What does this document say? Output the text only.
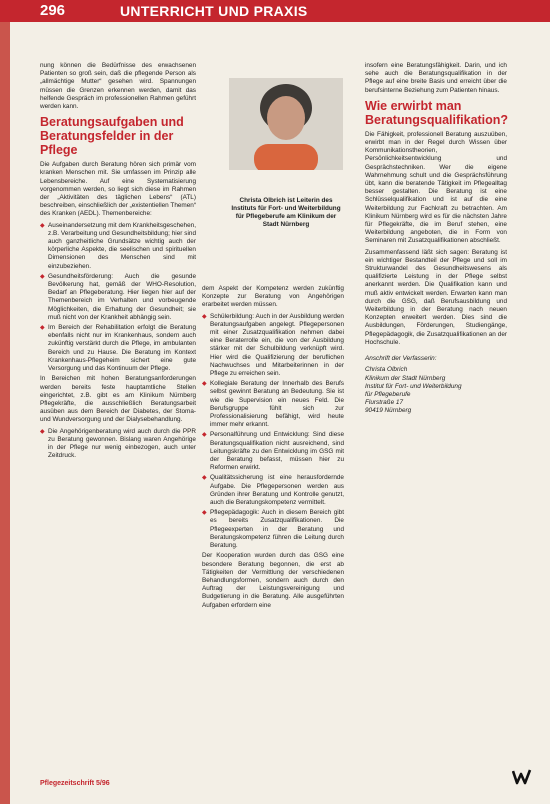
296	UNTERRICHT UND PRAXIS

nung können die Bedürfnisse des erwachsenen Patienten so groß sein, daß die pflegende Person als „allmächtige Mutter“ gesehen wird. Spannungen müssen die Grenzen erkennen werden, damit das helfende Gespräch im professionellen Rahmen geführt werden kann.

Beratungsaufgaben und Beratungsfelder in der Pflege

Die Aufgaben durch Beratung hören sich primär vom kranken Menschen mit. Sie umfassen im Prinzip alle Lebensbereiche. Auf eine Systematisierung vorgenommen werden, so liegt sich diese im Rahmen der „Aktivitäten des täglichen Lebens“ (ATL) beschreiben, einschließlich der „existentiellen Themen“ des Kranken (AEDL). Themenbereiche:

◆ Auseinandersetzung mit dem Krankheitsgeschehen, z.B. Verarbeitung und Gesundheitsbildung; hier sind auch ganzheitliche Grundsätze wichtig auch der körperliche Aspekte, die seelischen und spirituellen Dimensionen des Menschen sind mit einzubeziehen.
◆ Gesundheitsförderung: Auch die gesunde Bevölkerung hat, gemäß der WHO-Resolution, Bedarf an Pflegeberatung. Hier liegen hier auf der Themenbereich im Verhalten und vorbeugende Möglichkeiten, die Erhaltung der Gesundheit; sie muß nicht von der Krankheit abhängig sein.
◆ Im Bereich der Rehabilitation erfolgt die Beratung ebenfalls nicht nur im Krankenhaus, sondern auch zukünftig verstärkt durch die Pflege, im ambulanten Bereich und zu Hause. Die Beratung im Kontext Krankenhaus-Pflegeheim sichert eine gute Versorgung und das Kontinuum der Pflege.

In Bereichen mit hohen Beratungsanforderungen werden bereits feste hauptamtliche Stellen eingerichtet, z.B. gibt es am Klinikum Nürnberg Pflegekräfte, die ausschließlich Beratungsarbeit ausüben aus dem Bereich der Diabetes, der Stoma- und Wundversorgung und der Dialysebehandlung.

◆ Die Angehörigenberatung wird auch durch die PPR zu Beratung gewonnen. Bislang waren Angehörige in der Pflege nur wenig einbezogen, auch unter Zeitdruck.
Christa Olbrich ist Leiterin des Instituts für Fort- und Weiterbildung für Pflegeberufe am Klinikum der Stadt Nürnberg

dem Aspekt der Kompetenz werden zukünftig Konzepte zur Beratung von Angehörigen erarbeitet werden müssen.

◆ Schülerbildung: Auch in der Ausbildung werden Beratungsaufgaben angelegt. Pflegepersonen mit einer Zusatzqualifikation nehmen dabei eine Beraterrolle ein, die von der Ausbildung stärker mit der Schulbildung verknüpft wird. Hier wird die Qualifizierung der beruflichen Nachwuchses und Mitarbeiterinnen in der Pflege zu erreichen sein.
◆ Kollegiale Beratung der Innerhalb des Berufs selbst gewinnt Beratung an Bedeutung. Sie ist wie die Supervision ein neues Feld. Die Berufsgruppe fühlt sich zur Professionalisierung befähigt, wird heute immer mehr erkannt.
◆ Personalführung und Entwicklung: Sind diese Beratungsqualifikation nicht ausreichend, sind Leitungskräfte zu den Entwicklung im GSG mit der Beratung befasst, müssen hier zu Reformen erwirkt.
◆ Qualitätssicherung ist eine herausfordernde Aufgabe. Die Pflegepersonen werden aus Gründen ihrer Beratung und Kontrolle genutzt, auch die Beratungskompetenz vermittelt.
◆ Pflegepädagogik: Auch in diesem Bereich gibt es bereits Zusatzqualifikationen. Die Pflegeexperten in der Beratung und Beratungskompetenz führen die Leitung durch Beratung.

Der Kooperation wurden durch das GSG eine besondere Beratung begonnen, die erst ab Tätigkeiten der Vermittlung der verschiedenen Behandlungsformen, sondern auch durch den Auftrag der Leistungsvereinigung und Budgetierung in die Beratung. Alle ausgeführten Aufgaben erfordern eine

insofern eine Beratungsfähigkeit. Darin, und ich sehe auch die Beratungsqualifikation in der Pflege auf eine breite Basis und erreicht über die berufsinterne Beziehung zum Patienten hinaus.

Wie erwirbt man Beratungsqualifikation?

Die Fähigkeit, professionell Beratung auszuüben, erwirbt man in der Regel durch Wissen über Kommunikationstheorien, Persönlichkeitsentwicklung und Gesprächstechniken. Wer die eigene Wahrnehmung schult und die Gesprächsführung übt, kann die beratende Tätigkeit im Pflegealltag besser gestalten. Die Beratung ist eine Schlüsselqualifikation und ist auf die eine Weiterbildung zur Fachkraft zu betrachten. Am Klinikum Nürnberg wird es für die nächsten Jahre für Pflegekräfte, die im Beruf stehen, eine Weiterbildung angeboten, die in Form von Seminaren mit Zusatzqualifikationen abschließt.

Zusammenfassend läßt sich sagen: Beratung ist ein wichtiger Bestandteil der Pflege und soll im Strukturwandel des Gesundheitswesens als qualifizierte Leistung in der Pflege selbst anerkannt werden. Die Qualifikation kann und muß aktiv entwickelt werden. Erwarten kann man durch die GSG, daß Berufsausbildung und Weiterbildung in der Beratung nach neuen Konzepten erweitert werden. Dies sind die Ausbildungen, Förderungen, Studiengänge, Pflegepädagogik, die Zusatzqualifikationen an der Hochschule.

Anschrift der Verfasserin:

Christa Olbrich
Klinikum der Stadt Nürnberg
Institut für Fort- und Weiterbildung
für Pflegeberufe
Flurstraße 17
90419 Nürnberg
Pflegezeitschrift 5/96
